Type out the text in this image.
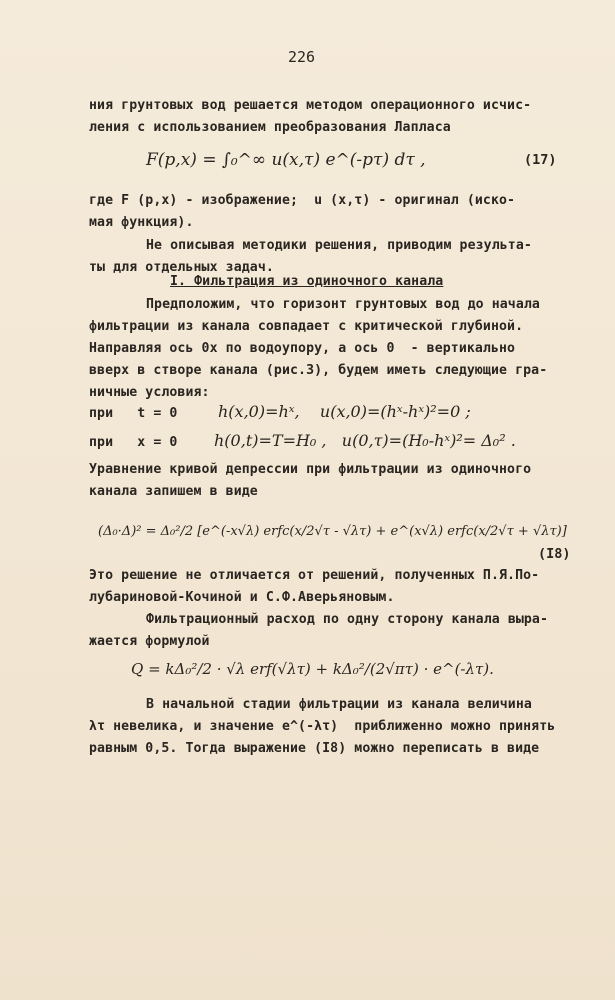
226
ния грунтовых вод решается методом операционного исчис-
ления с использованием преобразования Лапласа
F(p,x) = ∫₀^∞ u(x,τ) e^(-pτ) dτ ,	(17)
где F (p,x) - изображение;  u (x,τ) - оригинал (иско-
мая функция).
Не описывая методики решения, приводим результа-
ты для отдельных задач.
I. Фильтрация из одиночного канала
Предположим, что горизонт грунтовых вод до начала
фильтрации из канала совпадает с критической глубиной.
Направляя ось 0х по водоупору, а ось 0  - вертикально
вверх в створе канала (рис.3), будем иметь следующие гра-
ничные условия:
при   t = 0	h(x,0)=hˣ,    u(x,0)=(hˣ-hˣ)²=0 ;
при   x = 0 h(0,t)=T=H₀ ,   u(0,τ)=(H₀-hˣ)²= Δ₀² .
Уравнение кривой депрессии при фильтрации из одиночного
канала запишем в виде
(Δ₀·Δ)² = Δ₀²/2 [e^(-x√λ) erfc(x/2√τ - √λτ) + e^(x√λ) erfc(x/2√τ + √λτ)]
(I8)
Это решение не отличается от решений, полученных П.Я.По-
лубариновой-Кочиной и С.Ф.Аверьяновым.
Фильтрационный расход по одну сторону канала выра-
жается формулой
Q = kΔ₀²/2 · √λ erf(√λτ) + kΔ₀²/(2√πτ) · e^(-λτ).
В начальной стадии фильтрации из канала величина
λτ невелика, и значение e^(-λτ)  приближенно можно принять
равным 0,5. Тогда выражение (I8) можно переписать в виде
